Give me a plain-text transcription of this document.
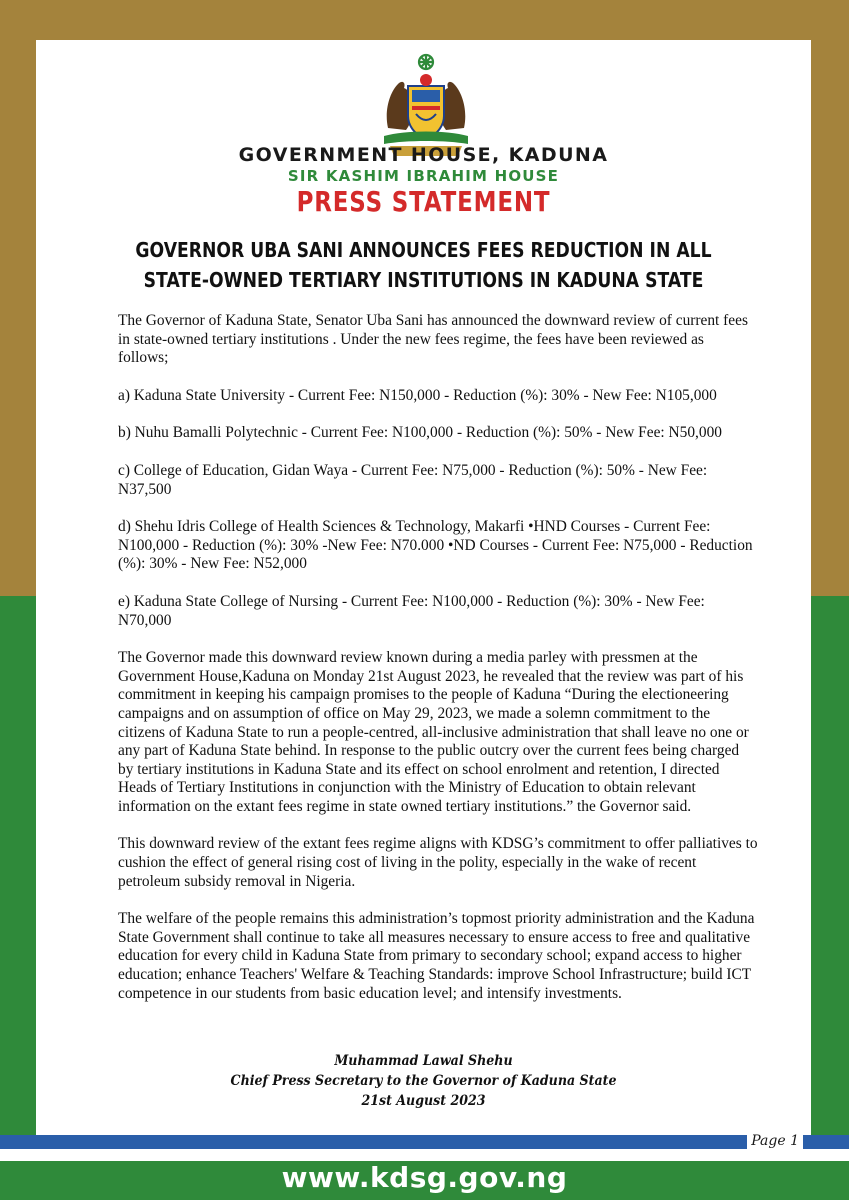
GOVERNMENT HOUSE, KADUNA
SIR KASHIM IBRAHIM HOUSE
PRESS STATEMENT
GOVERNOR UBA SANI ANNOUNCES FEES REDUCTION IN ALL
STATE-OWNED TERTIARY INSTITUTIONS IN KADUNA STATE

The Governor of Kaduna State, Senator Uba Sani has announced the downward review of current fees in state-owned tertiary institutions . Under the new fees regime, the fees have been reviewed as follows;

a) Kaduna State University - Current Fee: N150,000 - Reduction (%): 30% - New Fee: N105,000

b) Nuhu Bamalli Polytechnic - Current Fee: N100,000 - Reduction (%): 50% - New Fee: N50,000

c) College of Education, Gidan Waya - Current Fee: N75,000 - Reduction (%): 50% - New Fee: N37,500

d) Shehu Idris College of Health Sciences & Technology, Makarfi •HND Courses - Current Fee: N100,000 - Reduction (%): 30% -New Fee: N70.000 •ND Courses - Current Fee: N75,000 - Reduction (%): 30% - New Fee: N52,000

e) Kaduna State College of Nursing - Current Fee: N100,000 - Reduction (%): 30% - New Fee: N70,000

The Governor made this downward review known during a media parley with pressmen at the Government House,Kaduna on Monday 21st August 2023, he revealed that the review was part of his commitment in keeping his campaign promises to the people of Kaduna “During the electioneering campaigns and on assumption of office on May 29, 2023, we made a solemn commitment to the citizens of Kaduna State to run a people-centred, all-inclusive administration that shall leave no one or any part of Kaduna State behind. In response to the public outcry over the current fees being charged by tertiary institutions in Kaduna State and its effect on school enrolment and retention, I directed Heads of Tertiary Institutions in conjunction with the Ministry of Education to obtain relevant information on the extant fees regime in state owned tertiary institutions.” the Governor said.

This downward review of the extant fees regime aligns with KDSG’s commitment to offer palliatives to cushion the effect of general rising cost of living in the polity, especially in the wake of recent petroleum subsidy removal in Nigeria.

The welfare of the people remains this administration’s topmost priority administration and the Kaduna State Government shall continue to take all measures necessary to ensure access to free and qualitative education for every child in Kaduna State from primary to secondary school; expand access to higher education; enhance Teachers' Welfare & Teaching Standards: improve School Infrastructure; build ICT competence in our students from basic education level; and intensify investments.

Muhammad Lawal Shehu
Chief Press Secretary to the Governor of Kaduna State
21st August 2023
Page 1
www.kdsg.gov.ng
